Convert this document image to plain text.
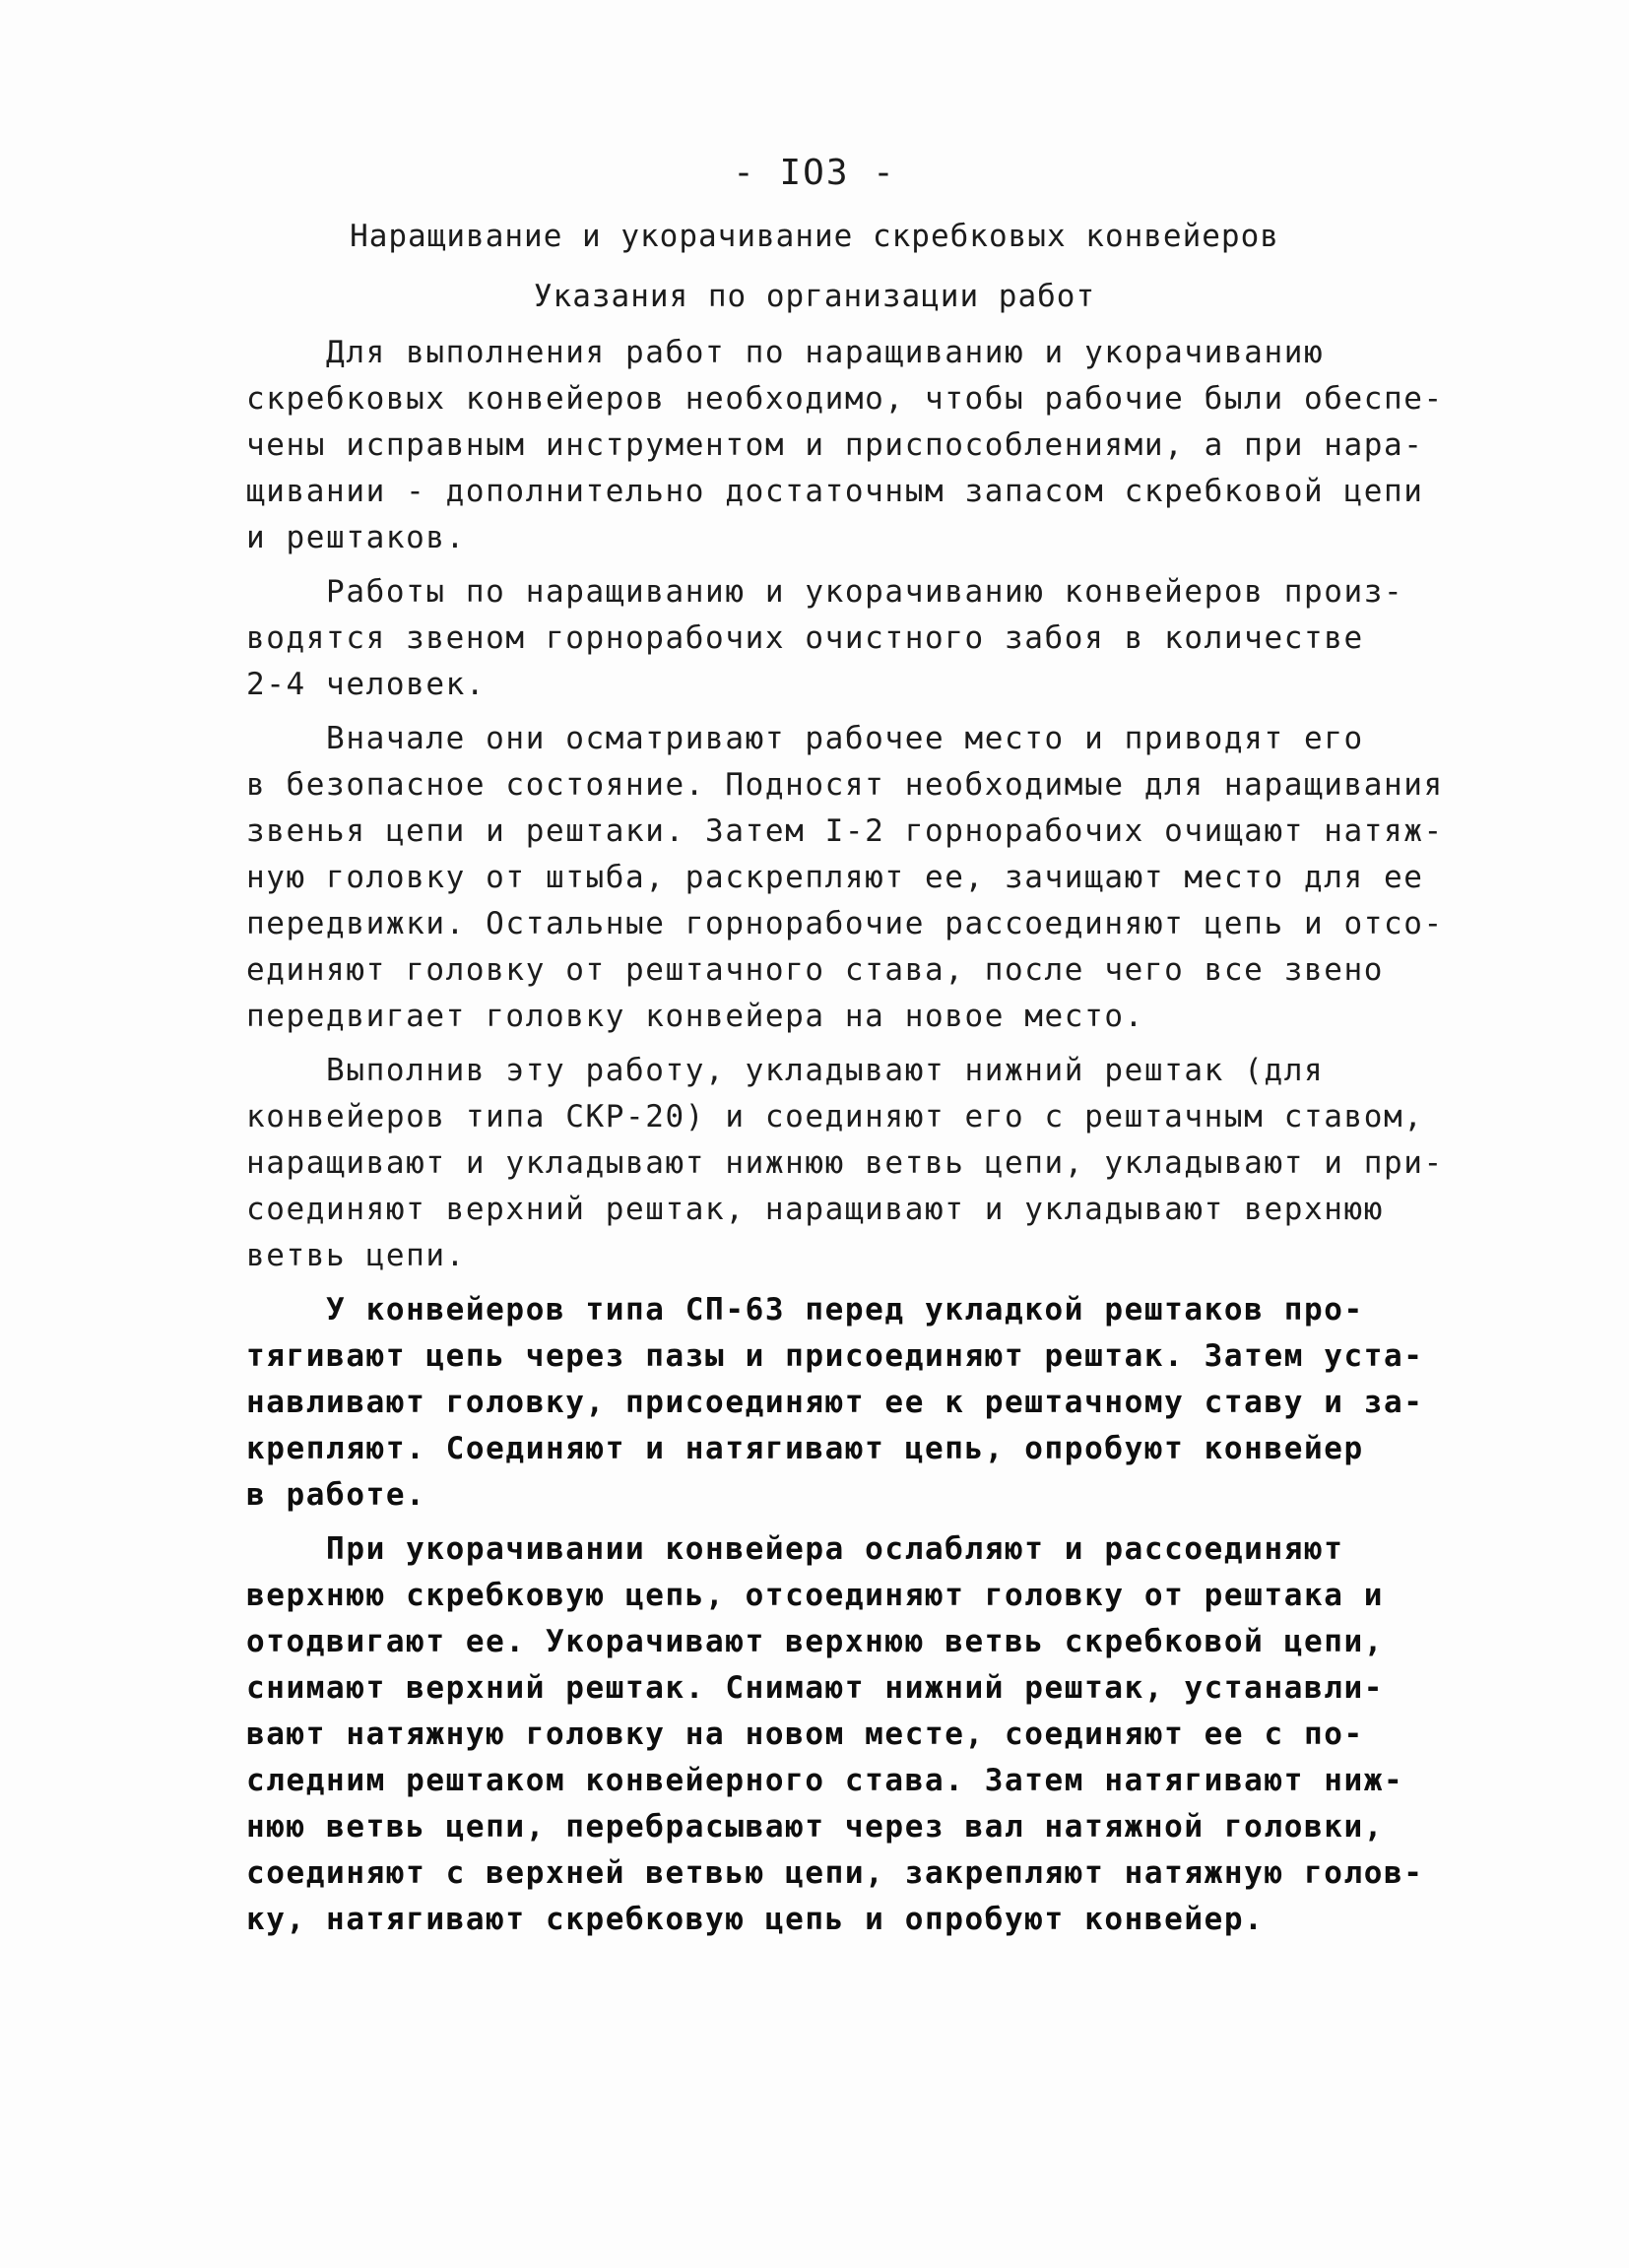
- IO3 -
Наращивание и укорачивание скребковых конвейеров
Указания по организации работ
Для выполнения работ по наращиванию и укорачиванию
скребковых конвейеров необходимо, чтобы рабочие были обеспе-
чены исправным инструментом и приспособлениями, а при нара-
щивании - дополнительно достаточным запасом скребковой цепи
и рештаков.
Работы по наращиванию и укорачиванию конвейеров произ-
водятся звеном горнорабочих очистного забоя в количестве
2-4 человек.
Вначале они осматривают рабочее место и приводят его
в безопасное состояние. Подносят необходимые для наращивания
звенья цепи и рештаки. Затем I-2 горнорабочих очищают натяж-
ную головку от штыба, раскрепляют ее, зачищают место для ее
передвижки. Остальные горнорабочие рассоединяют цепь и отсо-
единяют головку от рештачного става, после чего все звено
передвигает головку конвейера на новое место.
Выполнив эту работу, укладывают нижний рештак (для
конвейеров типа СКР-20) и соединяют его с рештачным ставом,
наращивают и укладывают нижнюю ветвь цепи, укладывают и при-
соединяют верхний рештак, наращивают и укладывают верхнюю
ветвь цепи.
У конвейеров типа СП-63 перед укладкой рештаков про-
тягивают цепь через пазы и присоединяют рештак. Затем уста-
навливают головку, присоединяют ее к рештачному ставу и за-
крепляют. Соединяют и натягивают цепь, опробуют конвейер
в работе.
При укорачивании конвейера ослабляют и рассоединяют
верхнюю скребковую цепь, отсоединяют головку от рештака и
отодвигают ее. Укорачивают верхнюю ветвь скребковой цепи,
снимают верхний рештак. Снимают нижний рештак, устанавли-
вают натяжную головку на новом месте, соединяют ее с по-
следним рештаком конвейерного става. Затем натягивают ниж-
нюю ветвь цепи, перебрасывают через вал натяжной головки,
соединяют с верхней ветвью цепи, закрепляют натяжную голов-
ку, натягивают скребковую цепь и опробуют конвейер.
